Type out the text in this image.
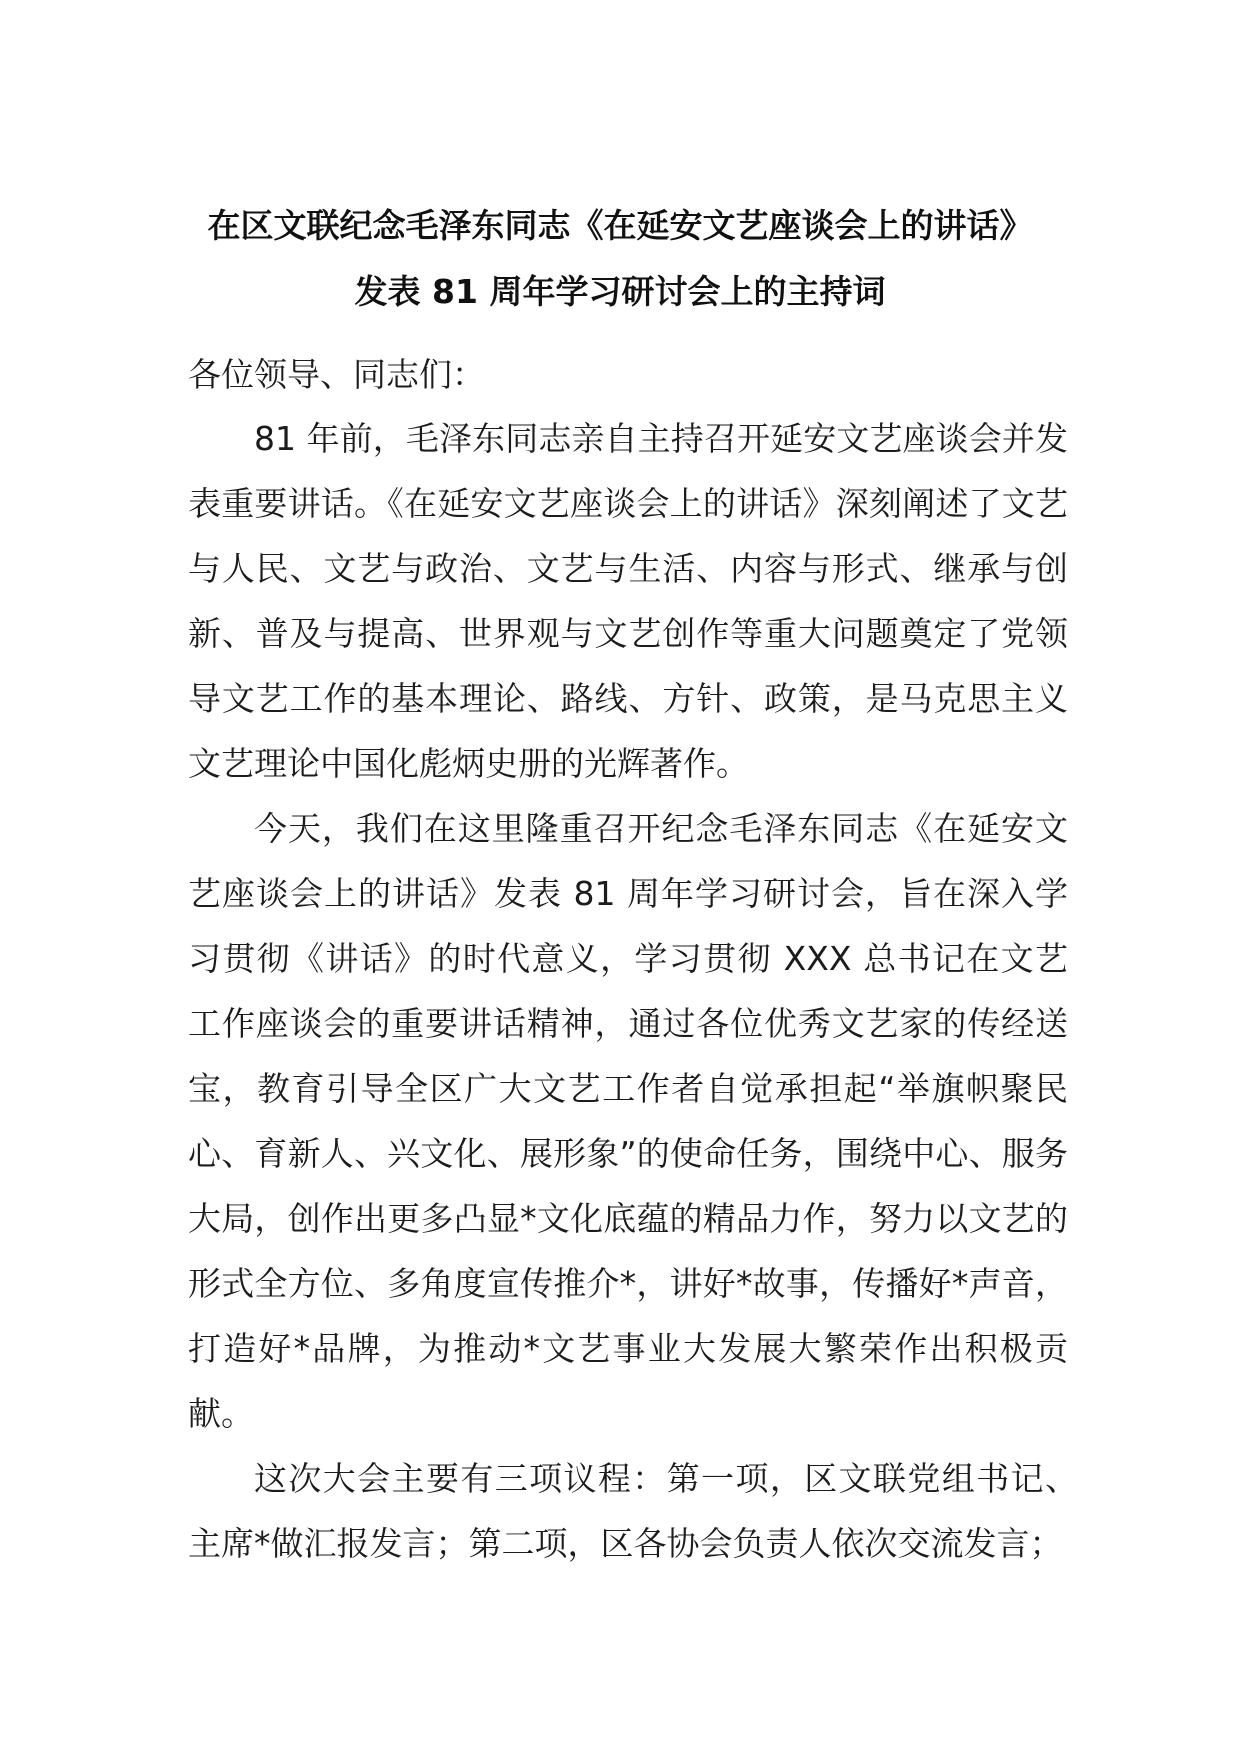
在区文联纪念毛泽东同志《在延安文艺座谈会上的讲话》
发表 81 周年学习研讨会上的主持词
各位领导、同志们：
81 年前，毛泽东同志亲自主持召开延安文艺座谈会并发表重要讲话。《在延安文艺座谈会上的讲话》深刻阐述了文艺与人民、文艺与政治、文艺与生活、内容与形式、继承与创新、普及与提高、世界观与文艺创作等重大问题奠定了党领导文艺工作的基本理论、路线、方针、政策，是马克思主义文艺理论中国化彪炳史册的光辉著作。
今天，我们在这里隆重召开纪念毛泽东同志《在延安文艺座谈会上的讲话》发表 81 周年学习研讨会，旨在深入学习贯彻《讲话》的时代意义，学习贯彻 XXX 总书记在文艺工作座谈会的重要讲话精神，通过各位优秀文艺家的传经送宝，教育引导全区广大文艺工作者自觉承担起“举旗帜聚民心、育新人、兴文化、展形象”的使命任务，围绕中心、服务大局，创作出更多凸显*文化底蕴的精品力作，努力以文艺的形式全方位、多角度宣传推介*，讲好*故事，传播好*声音，打造好*品牌，为推动*文艺事业大发展大繁荣作出积极贡献。
这次大会主要有三项议程：第一项，区文联党组书记、主席*做汇报发言；第二项，区各协会负责人依次交流发言；
